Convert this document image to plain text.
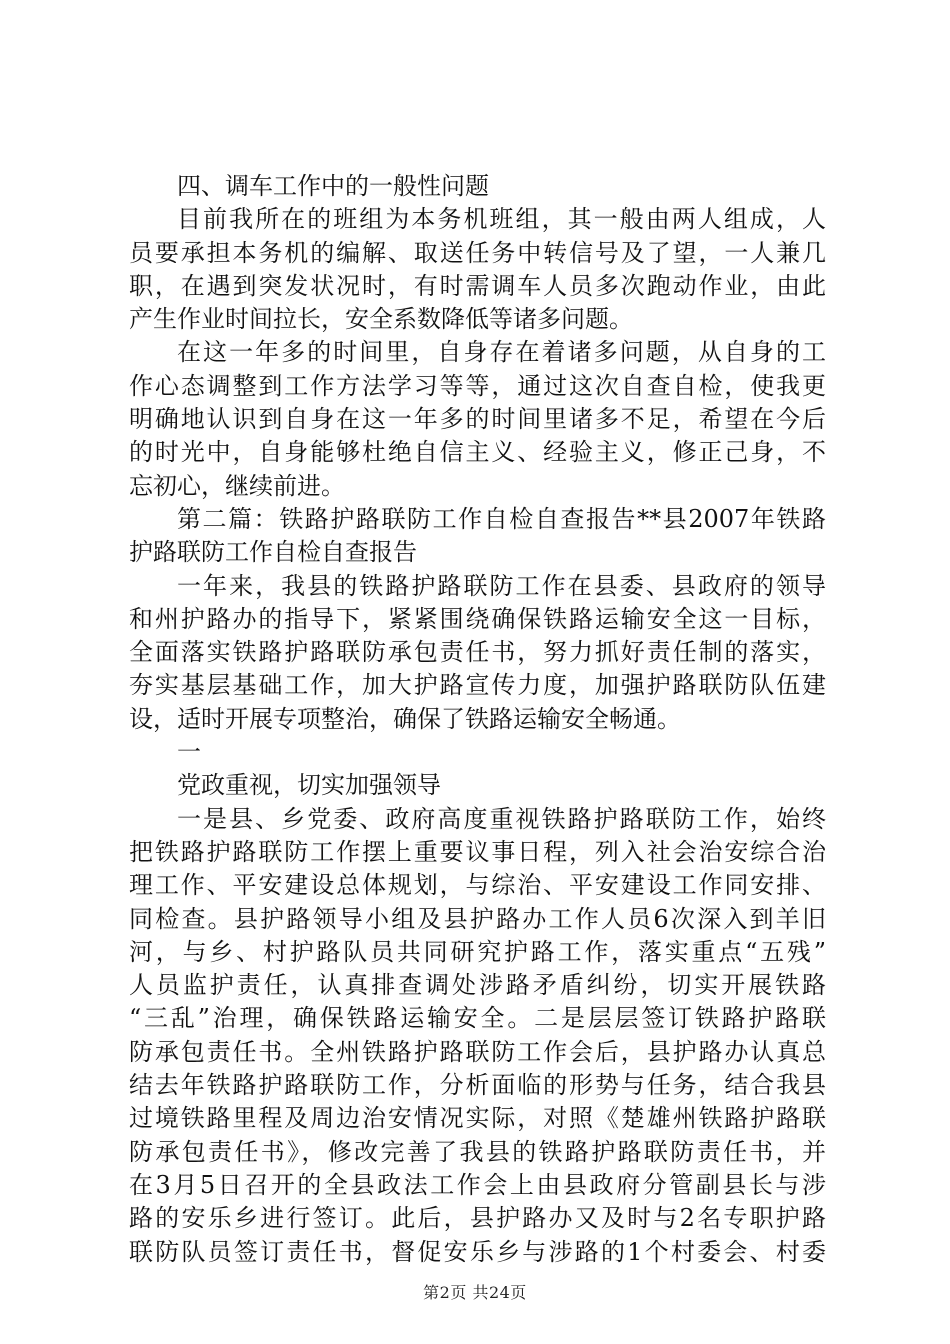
四、调车工作中的一般性问题
目前我所在的班组为本务机班组，其一般由两人组成，人
员要承担本务机的编解、取送任务中转信号及了望，一人兼几
职，在遇到突发状况时，有时需调车人员多次跑动作业，由此
产生作业时间拉长，安全系数降低等诸多问题。
在这一年多的时间里，自身存在着诸多问题，从自身的工
作心态调整到工作方法学习等等，通过这次自查自检，使我更
明确地认识到自身在这一年多的时间里诸多不足，希望在今后
的时光中，自身能够杜绝自信主义、经验主义，修正己身，不
忘初心，继续前进。
第二篇：铁路护路联防工作自检自查报告**县2007年铁路
护路联防工作自检自查报告
一年来，我县的铁路护路联防工作在县委、县政府的领导
和州护路办的指导下，紧紧围绕确保铁路运输安全这一目标，
全面落实铁路护路联防承包责任书，努力抓好责任制的落实，
夯实基层基础工作，加大护路宣传力度，加强护路联防队伍建
设，适时开展专项整治，确保了铁路运输安全畅通。
一
党政重视，切实加强领导
一是县、乡党委、政府高度重视铁路护路联防工作，始终
把铁路护路联防工作摆上重要议事日程，列入社会治安综合治
理工作、平安建设总体规划，与综治、平安建设工作同安排、
同检查。县护路领导小组及县护路办工作人员6次深入到羊旧
河，与乡、村护路队员共同研究护路工作，落实重点“五残”
人员监护责任，认真排查调处涉路矛盾纠纷，切实开展铁路
“三乱”治理，确保铁路运输安全。二是层层签订铁路护路联
防承包责任书。全州铁路护路联防工作会后，县护路办认真总
结去年铁路护路联防工作，分析面临的形势与任务，结合我县
过境铁路里程及周边治安情况实际，对照《楚雄州铁路护路联
防承包责任书》，修改完善了我县的铁路护路联防责任书，并
在3月5日召开的全县政法工作会上由县政府分管副县长与涉
路的安乐乡进行签订。此后，县护路办又及时与2名专职护路
联防队员签订责任书，督促安乐乡与涉路的1个村委会、村委
第2页 共24页
